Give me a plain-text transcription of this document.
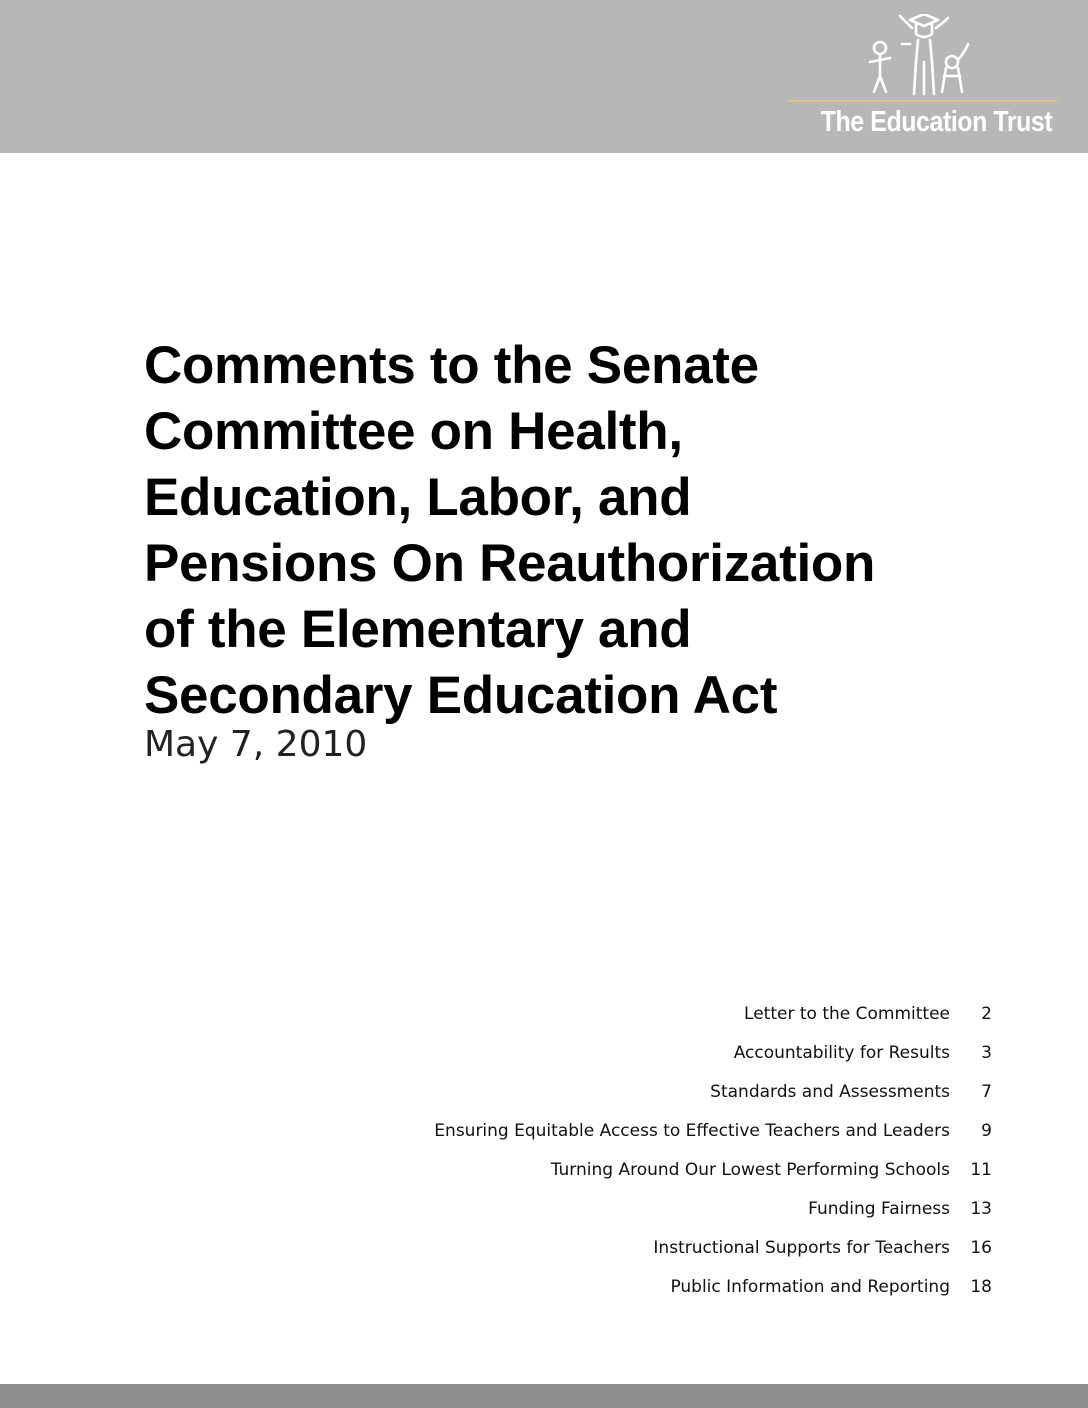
The Education Trust
Comments to the Senate
Committee on Health,
Education, Labor, and
Pensions On Reauthorization
of the Elementary and
Secondary Education Act
May 7, 2010
Letter to the Committee	2
Accountability for Results	3
Standards and Assessments	7
Ensuring Equitable Access to Effective Teachers and Leaders	9
Turning Around Our Lowest Performing Schools	11
Funding Fairness	13
Instructional Supports for Teachers	16
Public Information and Reporting	18
